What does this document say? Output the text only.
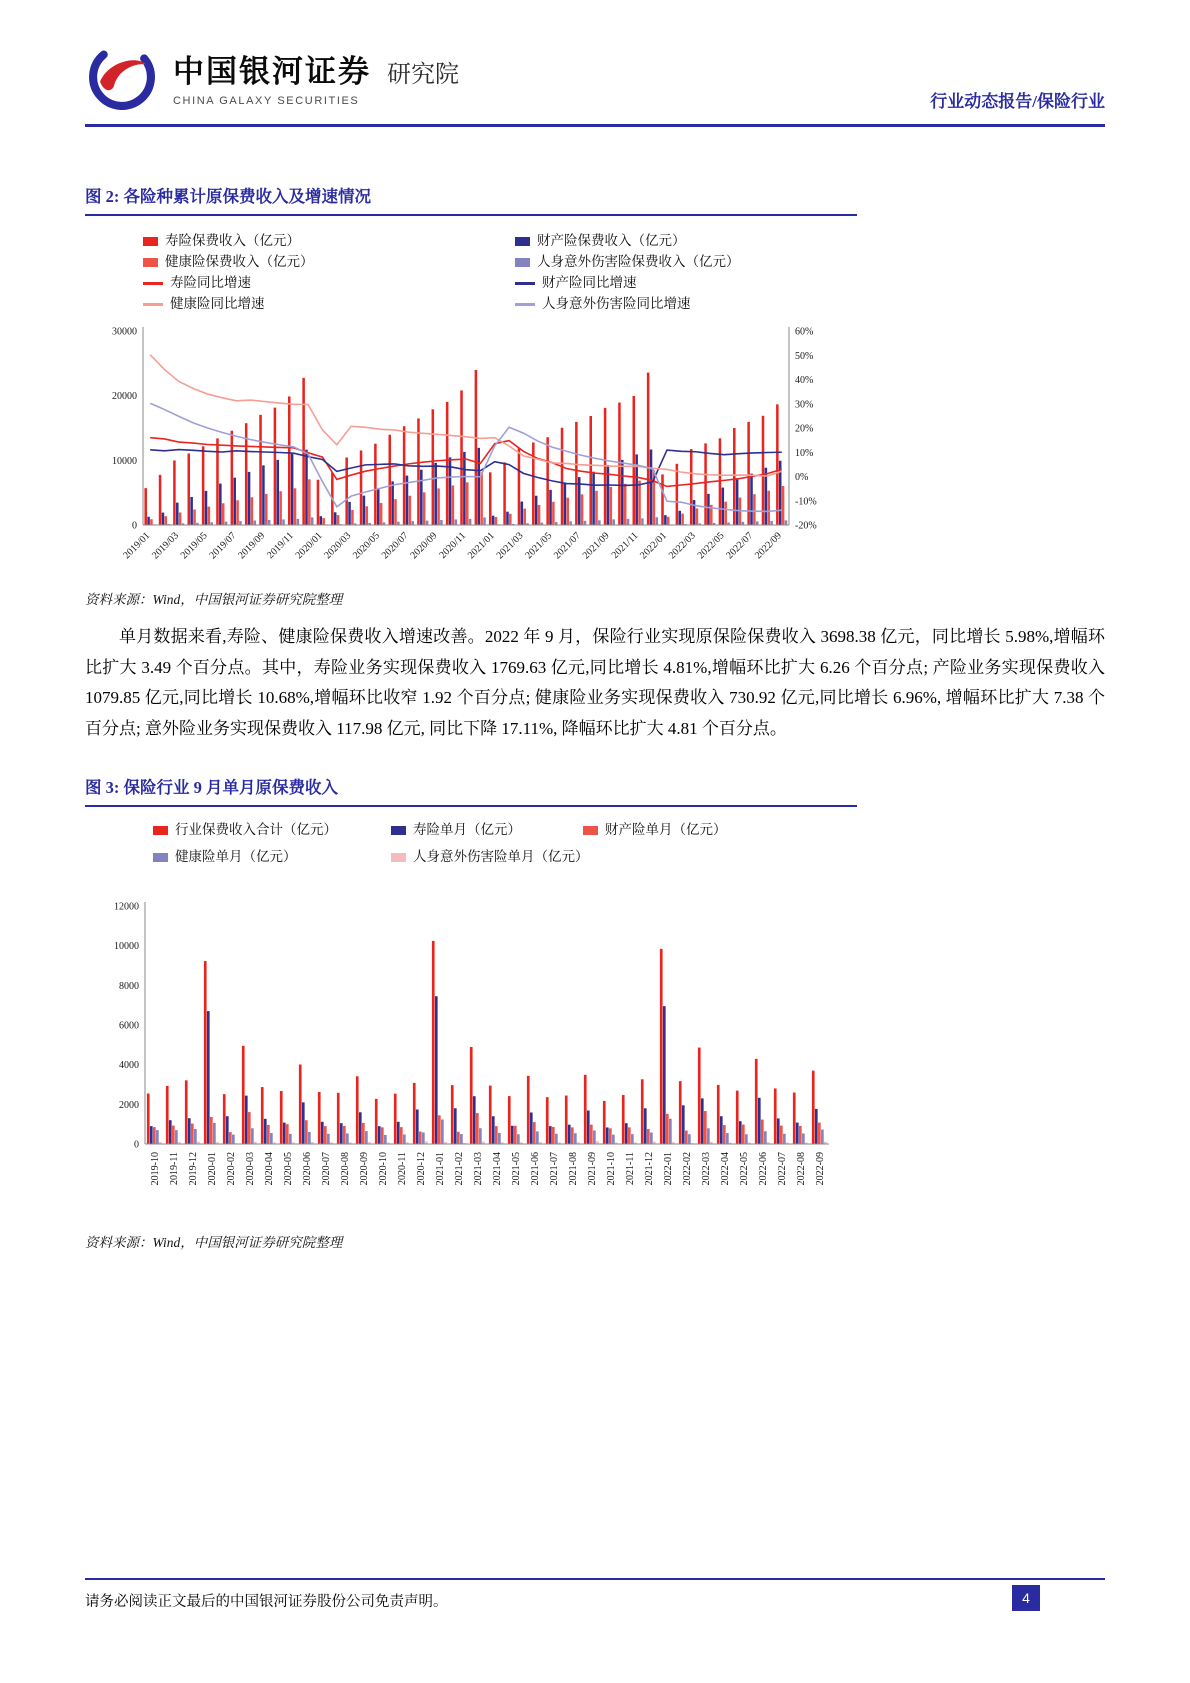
中国银河证券 研究院
CHINA GALAXY SECURITIES	行业动态报告/保险行业
图 2: 各险种累计原保费收入及增速情况
寿险保费收入（亿元）	财产险保费收入（亿元）
健康险保费收入（亿元）	人身意外伤害险保费收入（亿元）
寿险同比增速	财产险同比增速
健康险同比增速	人身意外伤害险同比增速
0
10000
20000
30000	60%
50%
40%
30%
20%
10%
0%
-10%
-20%
2019/01
2019/03
2019/05
2019/07
2019/09
2019/11
2020/01
2020/03
2020/05
2020/07
2020/09
2020/11
2021/01
2021/03
2021/05
2021/07
2021/09
2021/11
2022/01
2022/03
2022/05
2022/07
2022/09
资料来源：Wind，中国银河证券研究院整理
单月数据来看,寿险、健康险保费收入增速改善。2022 年 9 月，保险行业实现原保险保费收入 3698.38 亿元，同比增长 5.98%,增幅环比扩大 3.49 个百分点。其中，寿险业务实现保费收入 1769.63 亿元,同比增长 4.81%,增幅环比扩大 6.26 个百分点; 产险业务实现保费收入 1079.85 亿元,同比增长 10.68%,增幅环比收窄 1.92 个百分点; 健康险业务实现保费收入 730.92 亿元,同比增长 6.96%, 增幅环比扩大 7.38 个百分点; 意外险业务实现保费收入 117.98 亿元, 同比下降 17.11%, 降幅环比扩大 4.81 个百分点。
图 3: 保险行业 9 月单月原保费收入
行业保费收入合计（亿元）	寿险单月（亿元）	财产险单月（亿元）
健康险单月（亿元）	人身意外伤害险单月（亿元）
0
2000
4000
6000
8000
10000
12000
2019-10 2019-11 2019-12 2020-01 2020-02 2020-03 2020-04 2020-05 2020-06 2020-07 2020-08 2020-09 2020-10 2020-11 2020-12 2021-01 2021-02 2021-03 2021-04 2021-05 2021-06 2021-07 2021-08 2021-09 2021-10 2021-11 2021-12 2022-01 2022-02 2022-03 2022-04 2022-05 2022-06 2022-07 2022-08 2022-09
资料来源：Wind，中国银河证券研究院整理
请务必阅读正文最后的中国银河证券股份公司免责声明。	4
